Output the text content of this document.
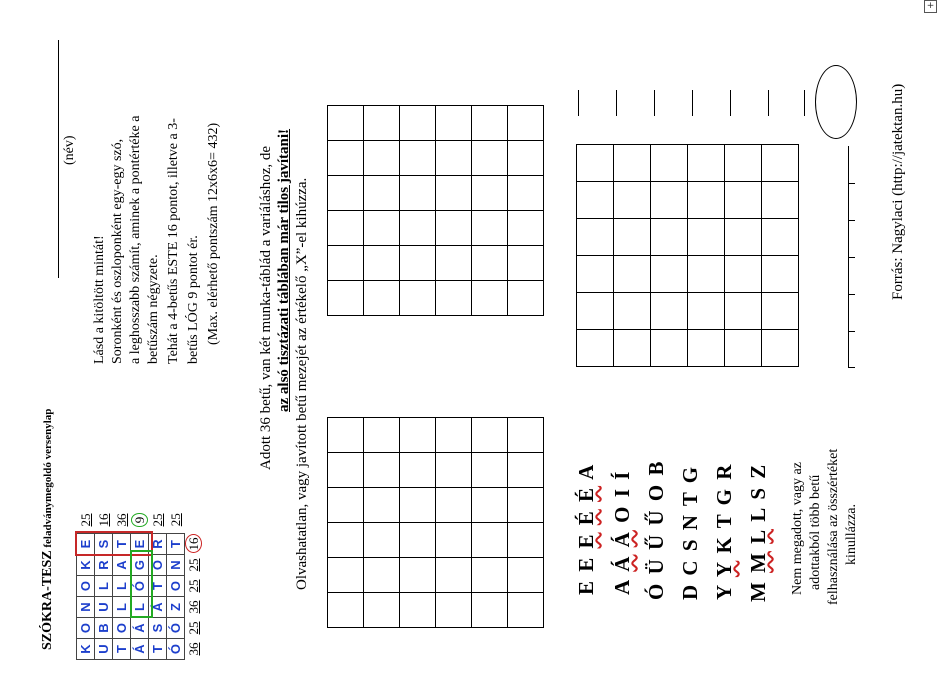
+
SZÓKRA-TESZ feladványmegoldó versenylap
(név)
Lásd a kitöltött mintát! Soronként és oszloponként egy-egy szó, a leghosszabb számít, aminek a pontértéke a betűszám négyzete. Tehát a 4-betűs ESTE 16 pontot, illetve a 3- betűs LÓG 9 pontot ér. (Max. elérhető pontszám 12x6x6= 432)
K	O	N	O	K	E	25
U	B	U	L	R	S	16
T	O	L	L	A	T	36
Á	Á	L	Ó	G	E	9
T	S	Á	T	O	R	25
Ó	Ó	Z	O	N	T	25
36	25	36	25	25	16	
Adott 36 betű, van két munka-táblád a variáláshoz, de az alsó tisztázati táblában már tilos javítani!
Olvashatatlan, vagy javított betű mezejét az értékelő „X”-el kihúzza.

E E E É É A
A Á Á O I Í
Ó Ü Ű Ű O B
D C S N T G
Y Y K T G R
M M L L S Z Nem megadott, vagy az adottakból több betű felhasználása az összértéket kinullázza.

Forrás: Nagylaci (http://jatektan.hu)
